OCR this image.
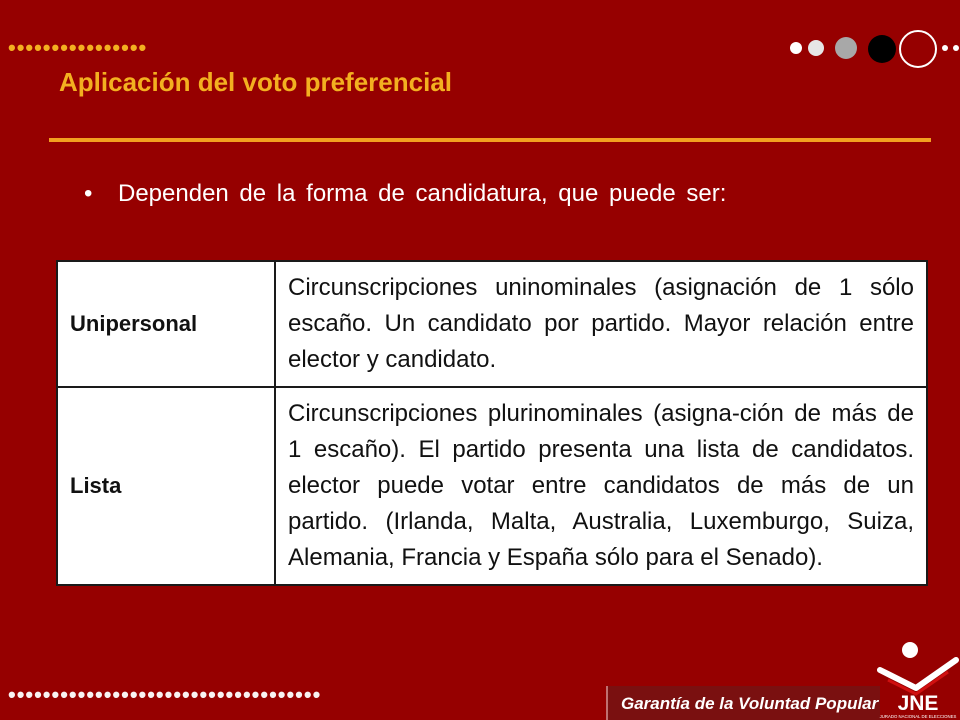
••••••••••••••••
Aplicación del voto preferencial
• Dependen de la forma de candidatura, que puede ser:
Unipersonal	Circunscripciones uninominales (asignación de 1 sólo escaño. Un candidato por partido. Mayor relación entre elector y candidato.
Lista	Circunscripciones plurinominales (asigna-ción de más de 1 escaño). El partido presenta una lista de candidatos. elector puede votar entre candidatos de más de un partido. (Irlanda, Malta, Australia, Luxemburgo, Suiza, Alemania, Francia y España sólo para el Senado).
••••••••••••••••••••••••••••••••••••	Garantía de la Voluntad Popular JNE
JURADO NACIONAL DE ELECCIONES
